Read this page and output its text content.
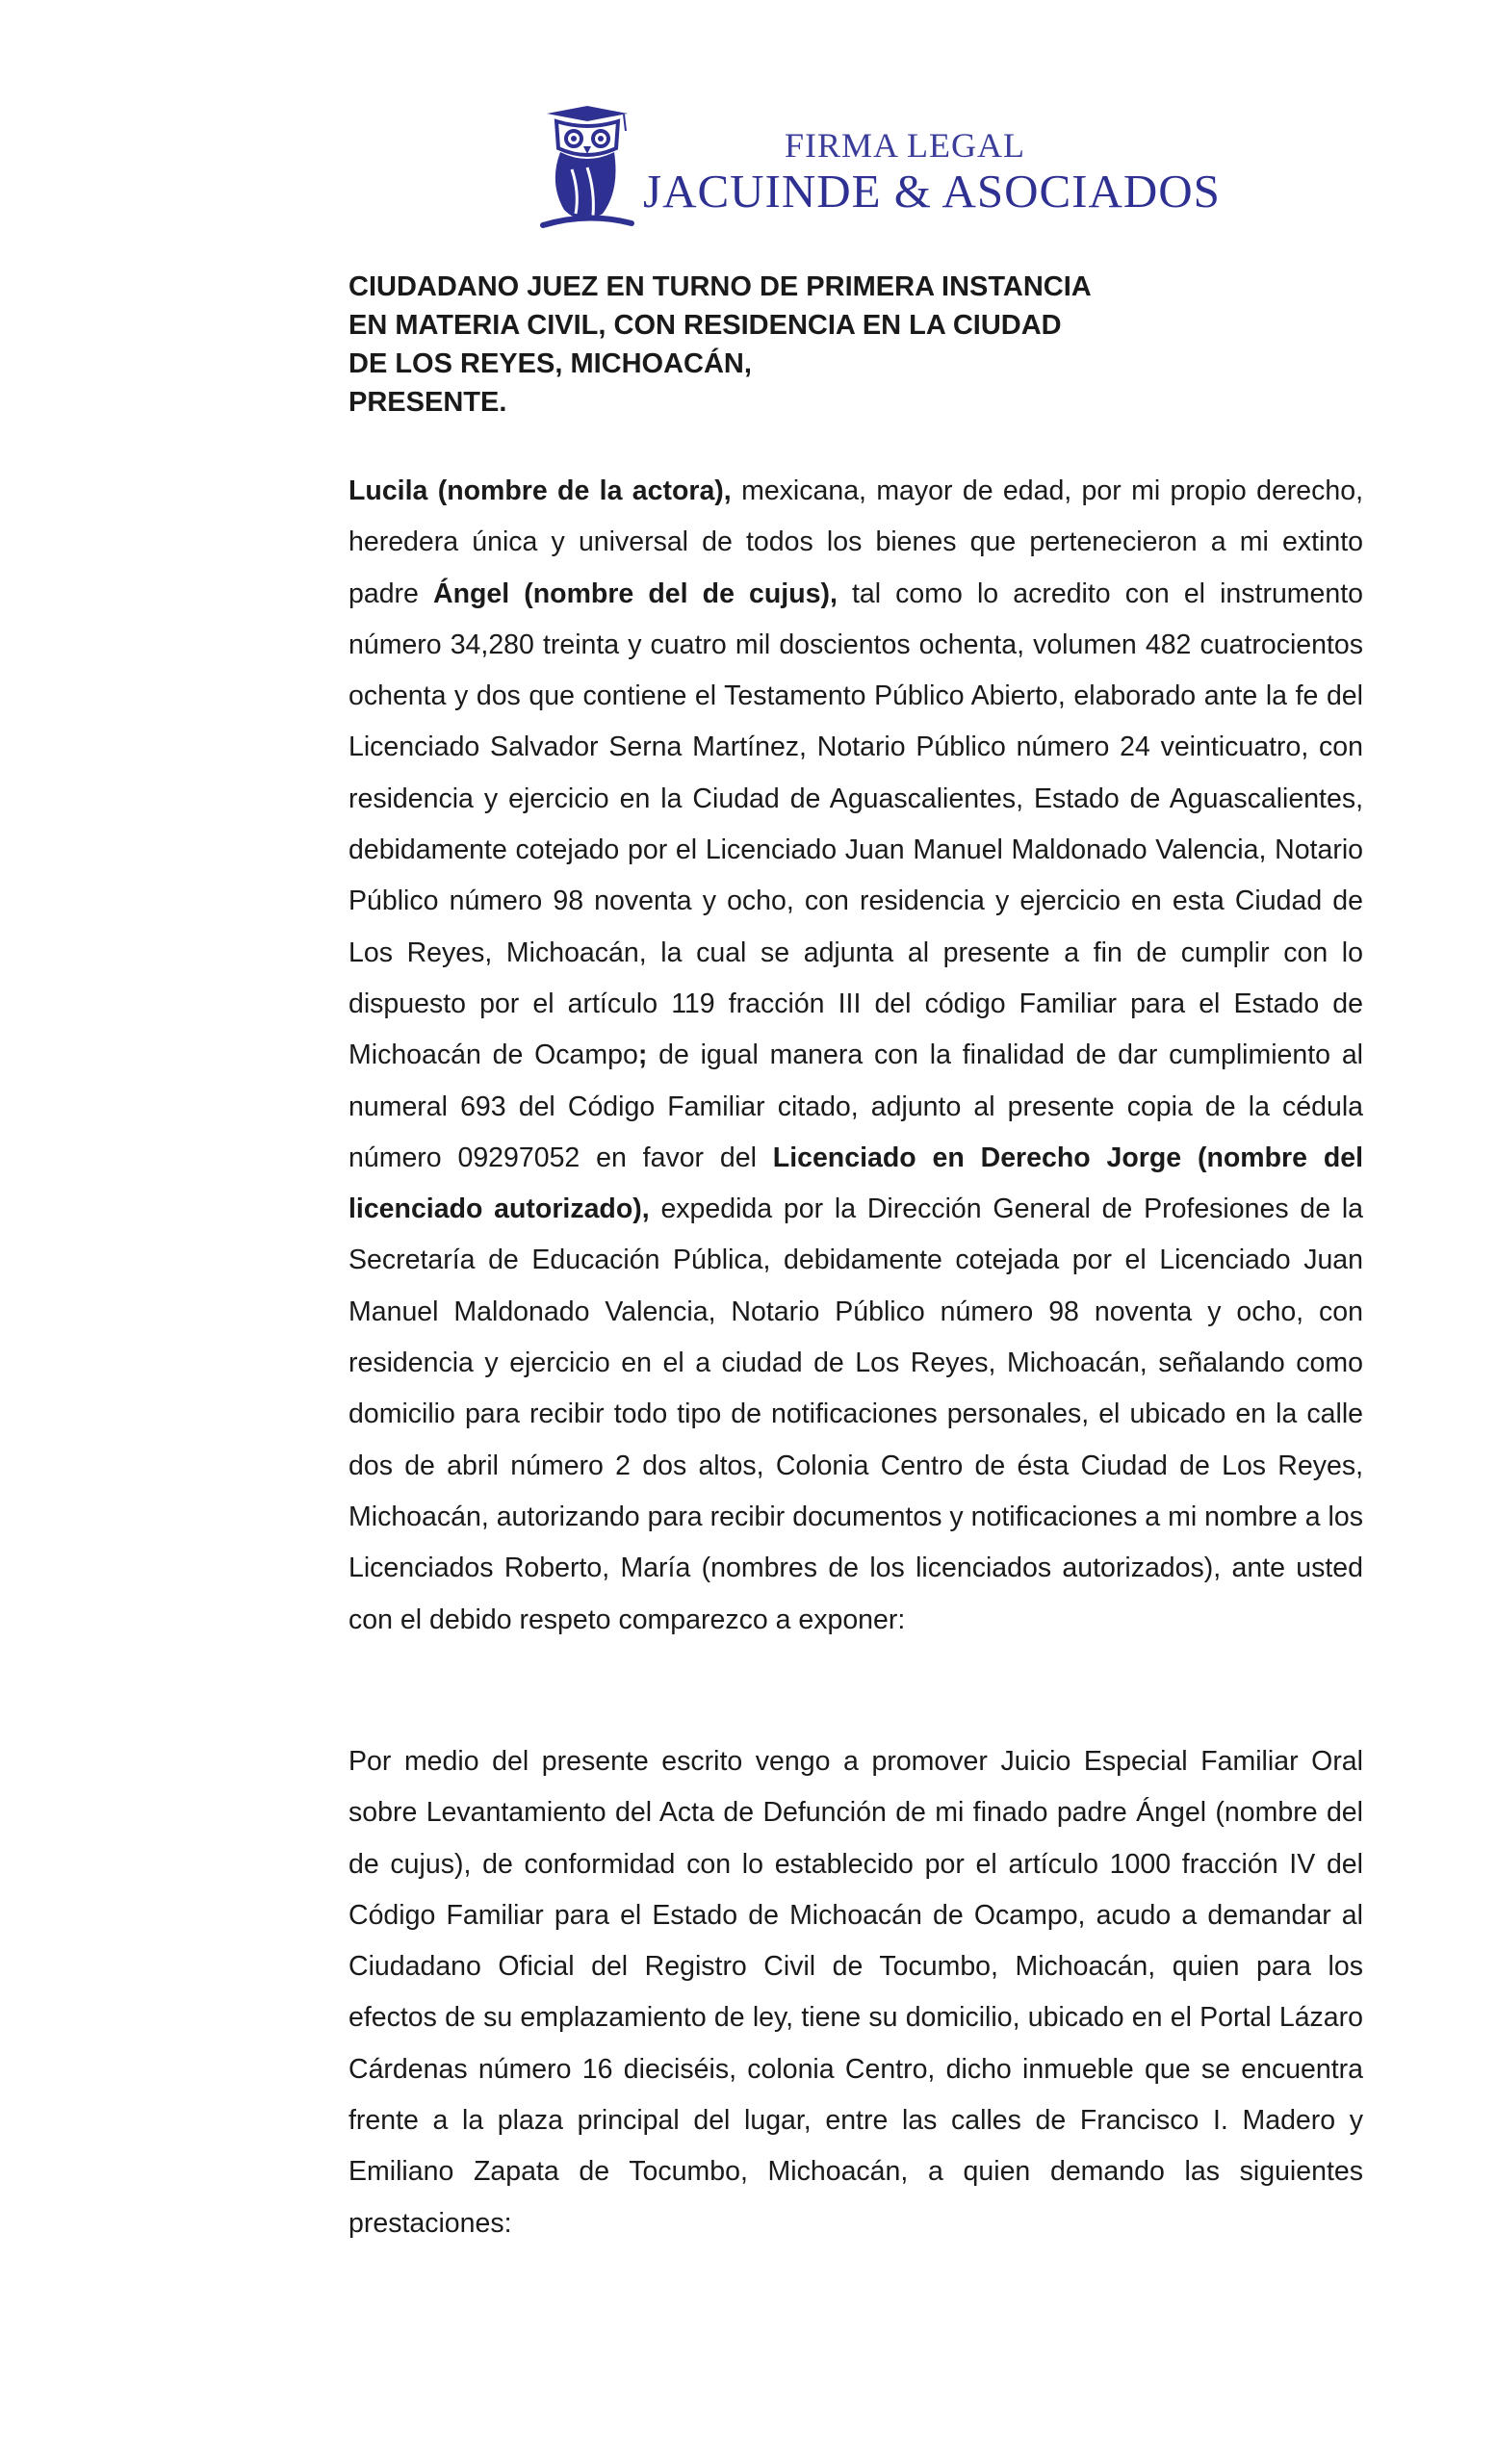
FIRMA LEGAL
JACUINDE & ASOCIADOS
CIUDADANO JUEZ EN TURNO DE PRIMERA INSTANCIA
EN MATERIA CIVIL, CON RESIDENCIA EN LA CIUDAD
DE LOS REYES, MICHOACÁN,
PRESENTE.

Lucila (nombre de la actora), mexicana, mayor de edad, por mi propio derecho, heredera única y universal de todos los bienes que pertenecieron a mi extinto padre Ángel (nombre del de cujus), tal como lo acredito con el instrumento número 34,280 treinta y cuatro mil doscientos ochenta, volumen 482 cuatrocientos ochenta y dos que contiene el Testamento Público Abierto, elaborado ante la fe del Licenciado Salvador Serna Martínez, Notario Público número 24 veinticuatro, con residencia y ejercicio en la Ciudad de Aguascalientes, Estado de Aguascalientes, debidamente cotejado por el Licenciado Juan Manuel Maldonado Valencia, Notario Público número 98 noventa y ocho, con residencia y ejercicio en esta Ciudad de Los Reyes, Michoacán, la cual se adjunta al presente a fin de cumplir con lo dispuesto por el artículo 119 fracción III del código Familiar para el Estado de Michoacán de Ocampo; de igual manera con la finalidad de dar cumplimiento al numeral 693 del Código Familiar citado, adjunto al presente copia de la cédula número 09297052 en favor del Licenciado en Derecho Jorge (nombre del licenciado autorizado), expedida por la Dirección General de Profesiones de la Secretaría de Educación Pública, debidamente cotejada por el Licenciado Juan Manuel Maldonado Valencia, Notario Público número 98 noventa y ocho, con residencia y ejercicio en el a ciudad de Los Reyes, Michoacán, señalando como domicilio para recibir todo tipo de notificaciones personales, el ubicado en la calle dos de abril número 2 dos altos, Colonia Centro de ésta Ciudad de Los Reyes, Michoacán, autorizando para recibir documentos y notificaciones a mi nombre a los Licenciados Roberto, María (nombres de los licenciados autorizados), ante usted con el debido respeto comparezco a exponer:

Por medio del presente escrito vengo a promover Juicio Especial Familiar Oral sobre Levantamiento del Acta de Defunción de mi finado padre Ángel (nombre del de cujus), de conformidad con lo establecido por el artículo 1000 fracción IV del Código Familiar para el Estado de Michoacán de Ocampo, acudo a demandar al Ciudadano Oficial del Registro Civil de Tocumbo, Michoacán, quien para los efectos de su emplazamiento de ley, tiene su domicilio, ubicado en el Portal Lázaro Cárdenas número 16 dieciséis, colonia Centro, dicho inmueble que se encuentra frente a la plaza principal del lugar, entre las calles de Francisco I. Madero y Emiliano Zapata de Tocumbo, Michoacán, a quien demando las siguientes prestaciones:
